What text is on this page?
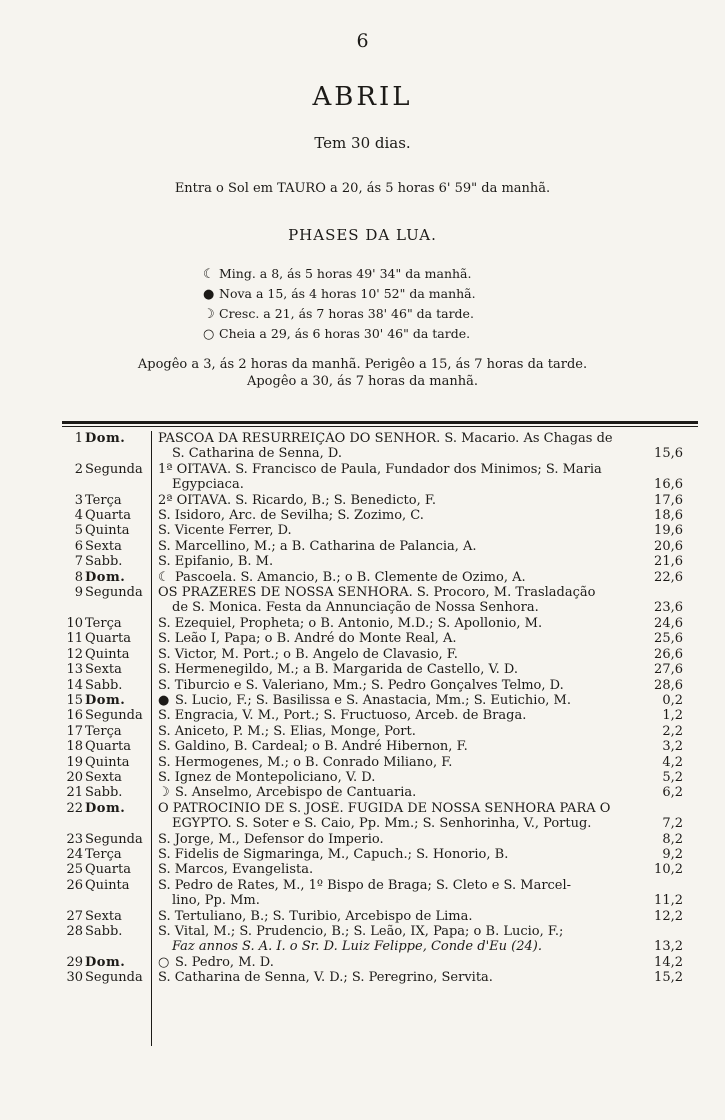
6
ABRIL
Tem 30 dias.
Entra o Sol em TAURO a 20, ás 5 horas 6' 59" da manhã.
PHASES DA LUA.
☾ Ming. a 8, ás 5 horas 49' 34" da manhã.
● Nova a 15, ás 4 horas 10' 52" da manhã.
☽ Cresc. a 21, ás 7 horas 38' 46" da tarde.
○ Cheia a 29, ás 6 horas 30' 46" da tarde.
Apogêo a 3, ás 2 horas da manhã. Perigêo a 15, ás 7 horas da tarde.
Apogêo a 30, ás 7 horas da manhã.
1 Dom.	PASCOA DA RESURREIÇÃO DO SENHOR. S. Macario. As Chagas de
S. Catharina de Senna, D.	15,6
2 Segunda 1ª OITAVA. S. Francisco de Paula, Fundador dos Minimos; S. Maria
Egypciaca.	16,6
3 Terça	2ª OITAVA. S. Ricardo, B.; S. Benedicto, F.	17,6
4 Quarta S. Isidoro, Arc. de Sevilha; S. Zozimo, C.	18,6
5 Quinta S. Vicente Ferrer, D.	19,6
6 Sexta	S. Marcellino, M.; a B. Catharina de Palancia, A.	20,6
7 Sabb.	S. Epifanio, B. M.	21,6
8 Dom.	☾ Pascoela. S. Amancio, B.; o B. Clemente de Ozimo, A.	22,6
9 Segunda OS PRAZERES DE NOSSA SENHORA. S. Procoro, M. Trasladação
de S. Monica. Festa da Annunciação de Nossa Senhora.	23,6
10 Terça	S. Ezequiel, Propheta; o B. Antonio, M.D.; S. Apollonio, M.	24,6
11 Quarta S. Leão I, Papa; o B. André do Monte Real, A.	25,6
12 Quinta S. Victor, M. Port.; o B. Angelo de Clavasio, F.	26,6
13 Sexta	S. Hermenegildo, M.; a B. Margarida de Castello, V. D.	27,6
14 Sabb.	S. Tiburcio e S. Valeriano, Mm.; S. Pedro Gonçalves Telmo, D.	28,6
15 Dom.	● S. Lucio, F.; S. Basilissa e S. Anastacia, Mm.; S. Eutichio, M.	0,2
16 Segunda S. Engracia, V. M., Port.; S. Fructuoso, Arceb. de Braga.	1,2
17 Terça	S. Aniceto, P. M.; S. Elias, Monge, Port.	2,2
18 Quarta S. Galdino, B. Cardeal; o B. André Hibernon, F.	3,2
19 Quinta S. Hermogenes, M.; o B. Conrado Miliano, F.	4,2
20 Sexta	S. Ignez de Montepoliciano, V. D.	5,2
21 Sabb.	☽ S. Anselmo, Arcebispo de Cantuaria.	6,2
22 Dom.	O PATROCINIO DE S. JOSÉ. FUGIDA DE NOSSA SENHORA PARA O
EGYPTO. S. Soter e S. Caio, Pp. Mm.; S. Senhorinha, V., Portug.	7,2
23 Segunda S. Jorge, M., Defensor do Imperio.	8,2
24 Terça	S. Fidelis de Sigmaringa, M., Capuch.; S. Honorio, B.	9,2
25 Quarta S. Marcos, Evangelista.	10,2
26 Quinta S. Pedro de Rates, M., 1º Bispo de Braga; S. Cleto e S. Marcel-
lino, Pp. Mm.	11,2
27 Sexta	S. Tertuliano, B.; S. Turibio, Arcebispo de Lima.	12,2
28 Sabb.	S. Vital, M.; S. Prudencio, B.; S. Leão, IX, Papa; o B. Lucio, F.;
Faz annos S. A. I. o Sr. D. Luiz Felippe, Conde d'Eu (24).	13,2
29 Dom.	○ S. Pedro, M. D.	14,2
30 Segunda S. Catharina de Senna, V. D.; S. Peregrino, Servita.	15,2
